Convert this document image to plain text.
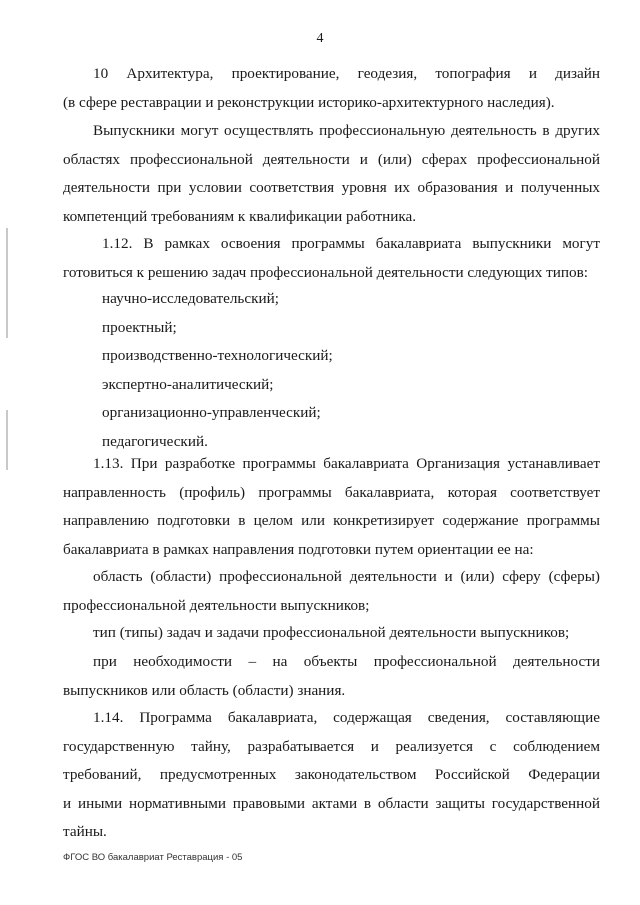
4
10 Архитектура, проектирование, геодезия, топография и дизайн
(в сфере реставрации и реконструкции историко-архитектурного наследия).
Выпускники могут осуществлять профессиональную деятельность в других
областях профессиональной деятельности и (или) сферах профессиональной
деятельности при условии соответствия уровня их образования и полученных
компетенций требованиям к квалификации работника.
1.12. В рамках освоения программы бакалавриата выпускники могут
готовиться к решению задач профессиональной деятельности следующих типов:
научно-исследовательский;
проектный;
производственно-технологический;
экспертно-аналитический;
организационно-управленческий;
педагогический.
1.13. При разработке программы бакалавриата Организация устанавливает
направленность (профиль) программы бакалавриата, которая соответствует
направлению подготовки в целом или конкретизирует содержание программы
бакалавриата в рамках направления подготовки путем ориентации ее на:
область (области) профессиональной деятельности и (или) сферу (сферы)
профессиональной деятельности выпускников;
тип (типы) задач и задачи профессиональной деятельности выпускников;
при необходимости – на объекты профессиональной деятельности
выпускников или область (области) знания.
1.14. Программа бакалавриата, содержащая сведения, составляющие
государственную тайну, разрабатывается и реализуется с соблюдением
требований, предусмотренных законодательством Российской Федерации
и иными нормативными правовыми актами в области защиты государственной
тайны.
ФГОС ВО бакалавриат Реставрация - 05
